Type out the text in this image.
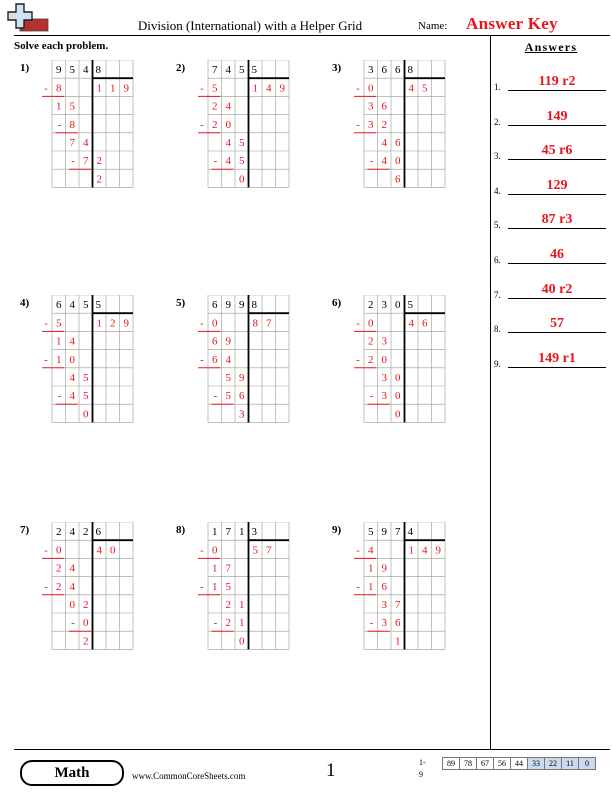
Division (International) with a Helper Grid	Name: Answer Key
Solve each problem.	Answers
1.	119 r2
2.	149
3.	45 r6
4.	129
5.	87 r3
6.	46
7.	40 r2
8.	57
9.	149 r1
1) 9 5 4 8
1 1 9
8
-
1 5
8
-
7 4
7 2
-
2
2) 7 4 5 5
1 4 9
5
-
2 4
2 0
-
4 5
4 5
-
0
3) 3 6 6 8
4 5
0
-
3 6
3 2
-
4 6
4 0
-
6
4) 6 4 5 5
1 2 9
5
-
1 4
1 0
-
4 5
4 5
-
0
5) 6 9 9 8
8 7
0
-
6 9
6 4
-
5 9
5 6
-
3
6) 2 3 0 5
4 6
0
-
2 3
2 0
-
3 0
3 0
-
0
7) 2 4 2 6
4 0
0
-
2 4
2 4
-
0 2
0
-
2
8) 1 7 1 3
5 7
0
-
1 7
1 5
-
2 1
2 1
-
0
9) 5 9 7 4
1 4 9
4
-
1 9
1 6
-
3 7
3 6
-
1
Math	www.CommonCoreSheets.com	1	1-9
89	78	67	56	44	33	22	11	0
